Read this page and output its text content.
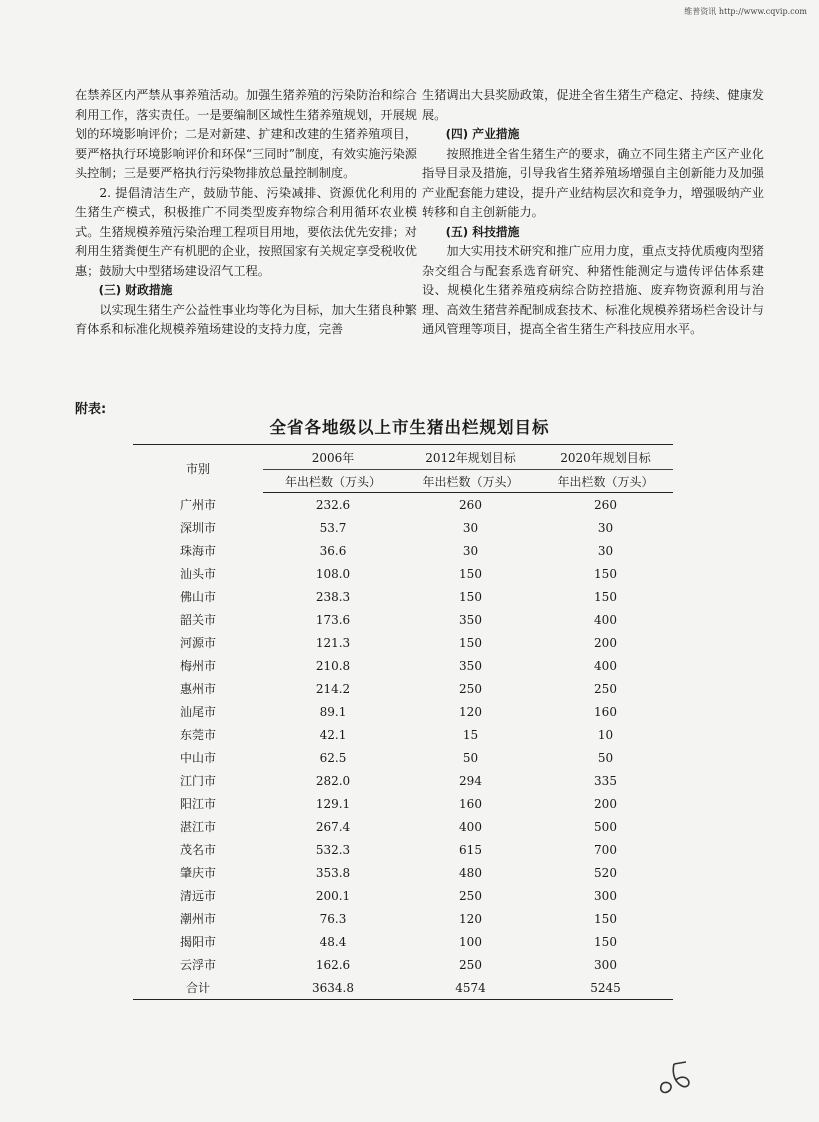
维普资讯 http://www.cqvip.com

在禁养区内严禁从事养殖活动。加强生猪养殖的污染防治和综合利用工作，落实责任。一是要编制区域性生猪养殖规划，开展规划的环境影响评价；二是对新建、扩建和改建的生猪养殖项目，要严格执行环境影响评价和环保“三同时”制度，有效实施污染源头控制；三是要严格执行污染物排放总量控制制度。

2. 提倡清洁生产，鼓励节能、污染减排、资源优化利用的生猪生产模式，积极推广不同类型废弃物综合利用循环农业模式。生猪规模养殖污染治理工程项目用地，要依法优先安排；对利用生猪粪便生产有机肥的企业，按照国家有关规定享受税收优惠；鼓励大中型猪场建设沼气工程。

(三) 财政措施

以实现生猪生产公益性事业均等化为目标，加大生猪良种繁育体系和标准化规模养殖场建设的支持力度，完善

生猪调出大县奖励政策，促进全省生猪生产稳定、持续、健康发展。

(四) 产业措施

按照推进全省生猪生产的要求，确立不同生猪主产区产业化指导目录及措施，引导我省生猪养殖场增强自主创新能力及加强产业配套能力建设，提升产业结构层次和竞争力，增强吸纳产业转移和自主创新能力。

(五) 科技措施

加大实用技术研究和推广应用力度，重点支持优质瘦肉型猪杂交组合与配套系选育研究、种猪性能测定与遗传评估体系建设、规模化生猪养殖疫病综合防控措施、废弃物资源利用与治理、高效生猪营养配制成套技术、标准化规模养猪场栏舍设计与通风管理等项目，提高全省生猪生产科技应用水平。

附表:
全省各地级以上市生猪出栏规划目标
市别	2006年	2012年规划目标	2020年规划目标
	年出栏数（万头）	年出栏数（万头）	年出栏数（万头）
广州市	232.6	260	260
深圳市	53.7	30	30
珠海市	36.6	30	30
汕头市	108.0	150	150
佛山市	238.3	150	150
韶关市	173.6	350	400
河源市	121.3	150	200
梅州市	210.8	350	400
惠州市	214.2	250	250
汕尾市	89.1	120	160
东莞市	42.1	15	10
中山市	62.5	50	50
江门市	282.0	294	335
阳江市	129.1	160	200
湛江市	267.4	400	500
茂名市	532.3	615	700
肇庆市	353.8	480	520
清远市	200.1	250	300
潮州市	76.3	120	150
揭阳市	48.4	100	150
云浮市	162.6	250	300
合计	3634.8	4574	5245
